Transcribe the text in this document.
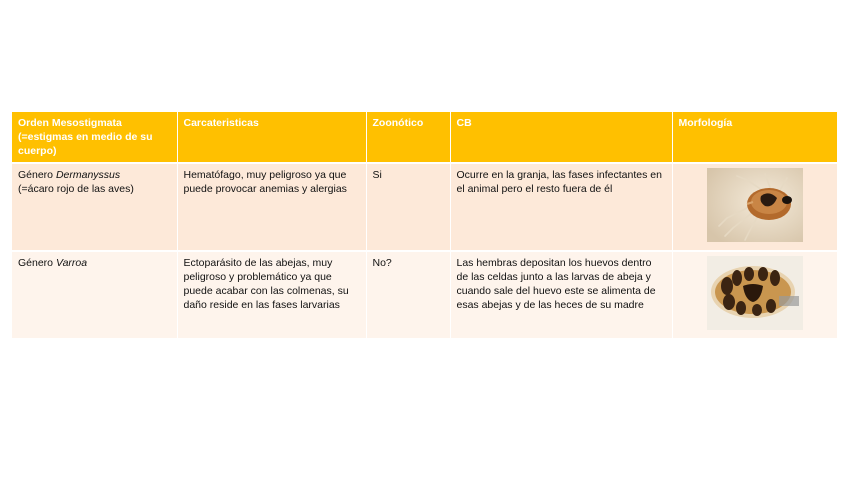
Orden Mesostigmata
(=estigmas en medio de su cuerpo)	Carcateristicas	Zoonótico	CB	Morfología
Género Dermanyssus
(=ácaro rojo de las aves)	Hematófago, muy peligroso ya que puede provocar anemias y alergias	Si	Ocurre en la granja, las fases infectantes en el animal pero el resto fuera de él	

Género Varroa	Ectoparásito de las abejas, muy peligroso y problemático ya que puede acabar con las colmenas, su daño reside en las fases larvarias	No?	Las hembras depositan los huevos dentro de las celdas junto a las larvas de abeja y cuando sale del huevo este se alimenta de esas abejas y de las heces de su madre	
